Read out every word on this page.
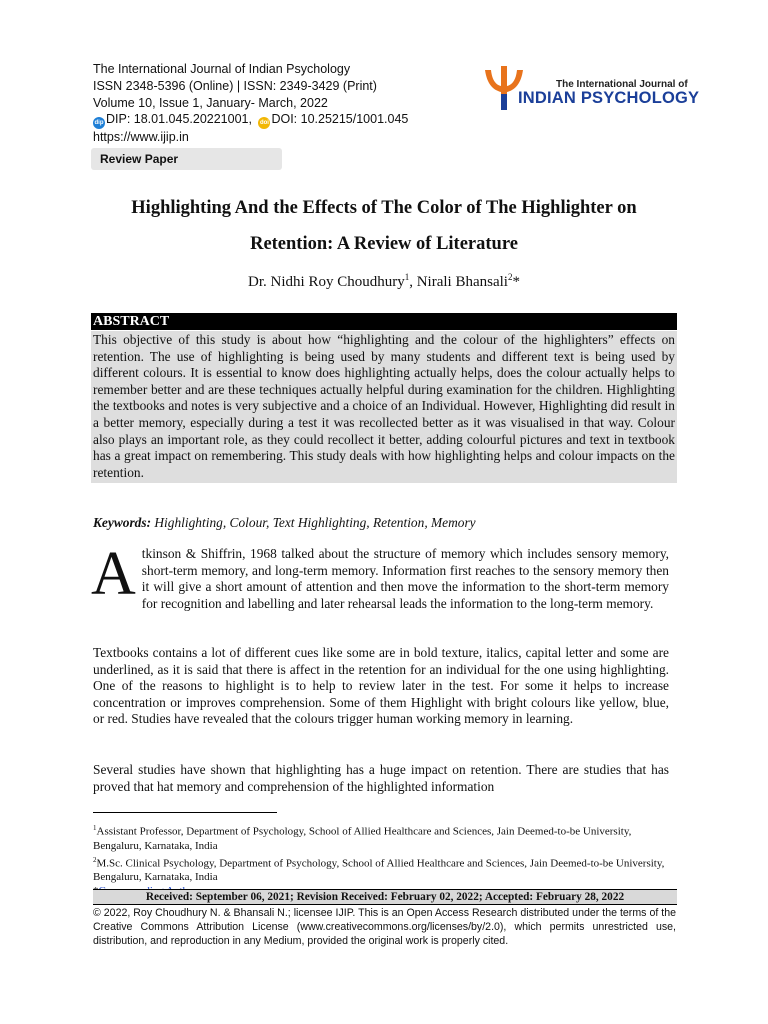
The International Journal of Indian Psychology
ISSN 2348-5396 (Online) | ISSN: 2349-3429 (Print)
Volume 10, Issue 1, January- March, 2022
dip DIP: 18.01.045.20221001, doi DOI: 10.25215/1001.045
https://www.ijip.in
The International Journal of
INDIAN PSYCHOLOGY
Review Paper
Highlighting And the Effects of The Color of The Highlighter on Retention: A Review of Literature
Dr. Nidhi Roy Choudhury$^1$, Nirali Bhansali$^2$*
ABSTRACT
This objective of this study is about how “highlighting and the colour of the highlighters” effects on retention. The use of highlighting is being used by many students and different text is being used by different colours. It is essential to know does highlighting actually helps, does the colour actually helps to remember better and are these techniques actually helpful during examination for the children. Highlighting the textbooks and notes is very subjective and a choice of an Individual. However, Highlighting did result in a better memory, especially during a test it was recollected better as it was visualised in that way. Colour also plays an important role, as they could recollect it better, adding colourful pictures and text in textbook has a great impact on remembering. This study deals with how highlighting helps and colour impacts on the retention.
Keywords: Highlighting, Colour, Text Highlighting, Retention, Memory
Atkinson & Shiffrin, 1968 talked about the structure of memory which includes sensory memory, short-term memory, and long-term memory. Information first reaches to the sensory memory then it will give a short amount of attention and then move the information to the short-term memory for recognition and labelling and later rehearsal leads the information to the long-term memory.
Textbooks contains a lot of different cues like some are in bold texture, italics, capital letter and some are underlined, as it is said that there is affect in the retention for an individual for the one using highlighting. One of the reasons to highlight is to help to review later in the test. For some it helps to increase concentration or improves comprehension. Some of them Highlight with bright colours like yellow, blue, or red. Studies have revealed that the colours trigger human working memory in learning.
Several studies have shown that highlighting has a huge impact on retention. There are studies that has proved that hat memory and comprehension of the highlighted information
$^1$Assistant Professor, Department of Psychology, School of Allied Healthcare and Sciences, Jain Deemed-to-be University, Bengaluru, Karnataka, India
$^2$M.Sc. Clinical Psychology, Department of Psychology, School of Allied Healthcare and Sciences, Jain Deemed-to-be University, Bengaluru, Karnataka, India
Received: September 06, 2021; Revision Received: February 02, 2022; Accepted: February 28, 2022
© 2022, Roy Choudhury N. & Bhansali N.; licensee IJIP. This is an Open Access Research distributed under the terms of the Creative Commons Attribution License (www.creativecommons.org/licenses/by/2.0), which permits unrestricted use, distribution, and reproduction in any Medium, provided the original work is properly cited.
